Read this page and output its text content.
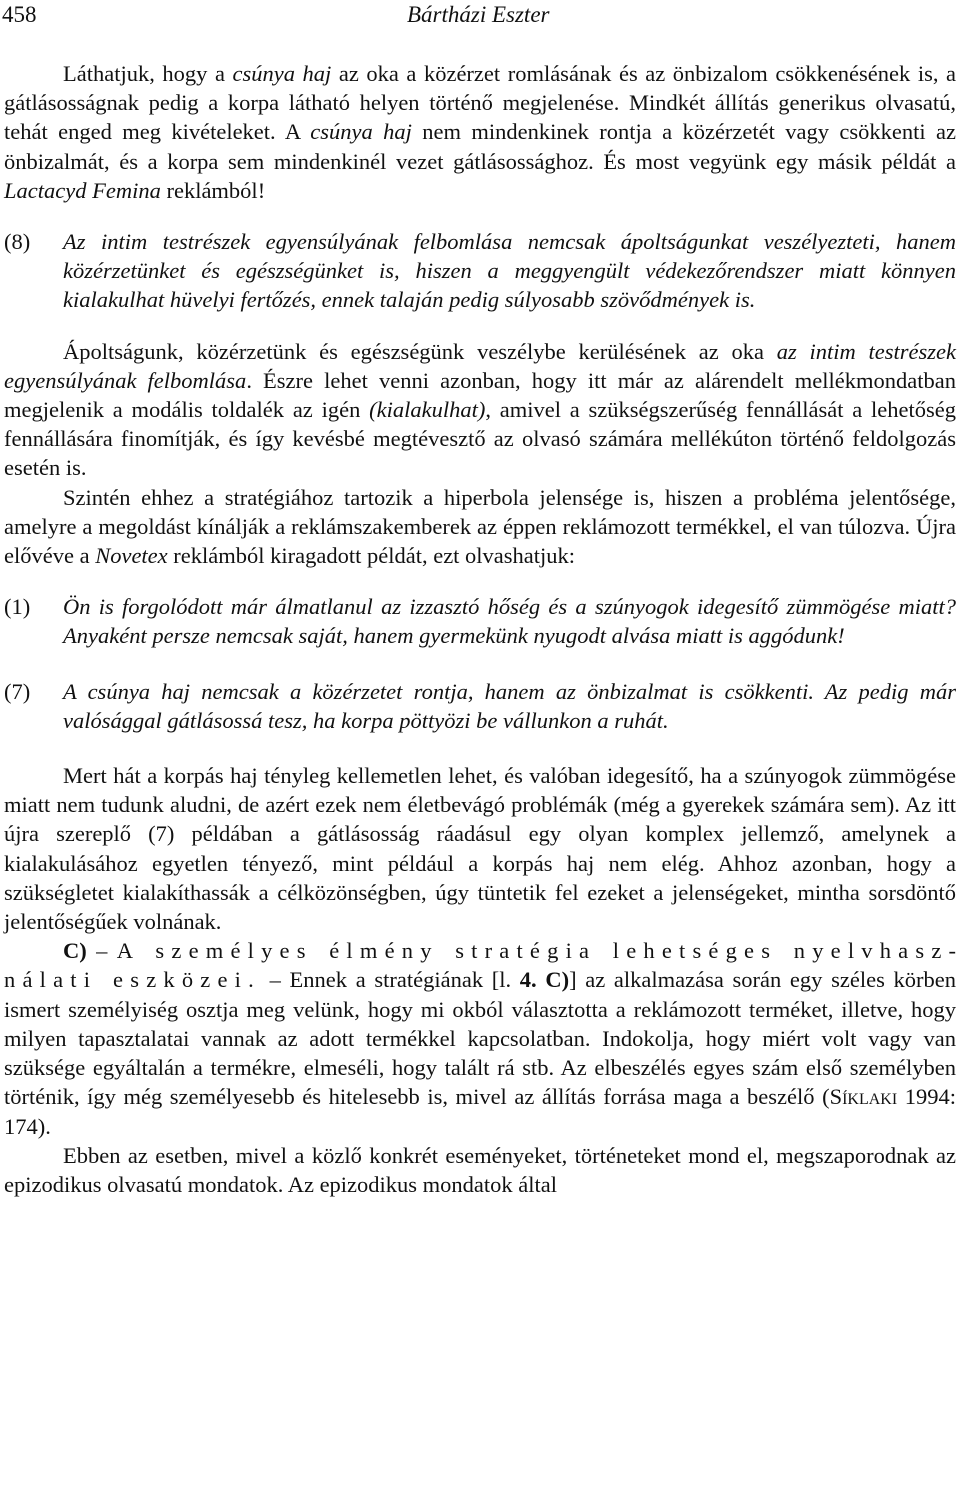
458	Bártházi Eszter

Láthatjuk, hogy a csúnya haj az oka a közérzet romlásának és az önbizalom csökkenésének is, a gátlásosságnak pedig a korpa látható helyen történő megjelenése. Mindkét állítás generikus olvasatú, tehát enged meg kivételeket. A csúnya haj nem mindenkinek rontja a közérzetét vagy csökkenti az önbizalmát, és a korpa sem mindenkinél vezet gátlásossághoz. És most vegyünk egy másik példát a Lactacyd Femina reklámból!

(8) Az intim testrészek egyensúlyának felbomlása nemcsak ápoltságunkat veszélyezteti, hanem közérzetünket és egészségünket is, hiszen a meggyengült védekezőrendszer miatt könnyen kialakulhat hüvelyi fertőzés, ennek talaján pedig súlyosabb szövődmények is.

Ápoltságunk, közérzetünk és egészségünk veszélybe kerülésének az oka az intim testrészek egyensúlyának felbomlása. Észre lehet venni azonban, hogy itt már az alárendelt mellékmondatban megjelenik a modális toldalék az igén (kialakulhat), amivel a szükségszerűség fennállását a lehetőség fennállására finomítják, és így kevésbé megtévesztő az olvasó számára mellékúton történő feldolgozás esetén is.

Szintén ehhez a stratégiához tartozik a hiperbola jelensége is, hiszen a probléma jelentősége, amelyre a megoldást kínálják a reklámszakemberek az éppen reklámozott termékkel, el van túlozva. Újra elővéve a Novetex reklámból kiragadott példát, ezt olvashatjuk:

(1) Ön is forgolódott már álmatlanul az izzasztó hőség és a szúnyogok idegesítő zümmögése miatt? Anyaként persze nemcsak saját, hanem gyermekünk nyugodt alvása miatt is aggódunk!
(7) A csúnya haj nemcsak a közérzetet rontja, hanem az önbizalmat is csökkenti. Az pedig már valósággal gátlásossá tesz, ha korpa pöttyözi be vállunkon a ruhát.

Mert hát a korpás haj tényleg kellemetlen lehet, és valóban idegesítő, ha a szúnyogok zümmögése miatt nem tudunk aludni, de azért ezek nem életbevágó problémák (még a gyerekek számára sem). Az itt újra szereplő (7) példában a gátlásosság ráadásul egy olyan komplex jellemző, amelynek a kialakulásához egyetlen tényező, mint például a korpás haj nem elég. Ahhoz azonban, hogy a szükségletet kialakíthassák a célközönségben, úgy tüntetik fel ezeket a jelenségeket, mintha sorsdöntő jelentőségűek volnának.

C) – A személyes élmény stratégia lehetséges nyelvhasználati eszközei. – Ennek a stratégiának [l. 4. C)] az alkalmazása során egy széles körben ismert személyiség osztja meg velünk, hogy mi okból választotta a reklámozott terméket, illetve, hogy milyen tapasztalatai vannak az adott termékkel kapcsolatban. Indokolja, hogy miért volt vagy van szüksége egyáltalán a termékre, elmeséli, hogy talált rá stb. Az elbeszélés egyes szám első személyben történik, így még személyesebb és hitelesebb is, mivel az állítás forrása maga a beszélő (Síklaki 1994: 174).

Ebben az esetben, mivel a közlő konkrét eseményeket, történeteket mond el, megszaporodnak az epizodikus olvasatú mondatok. Az epizodikus mondatok által
